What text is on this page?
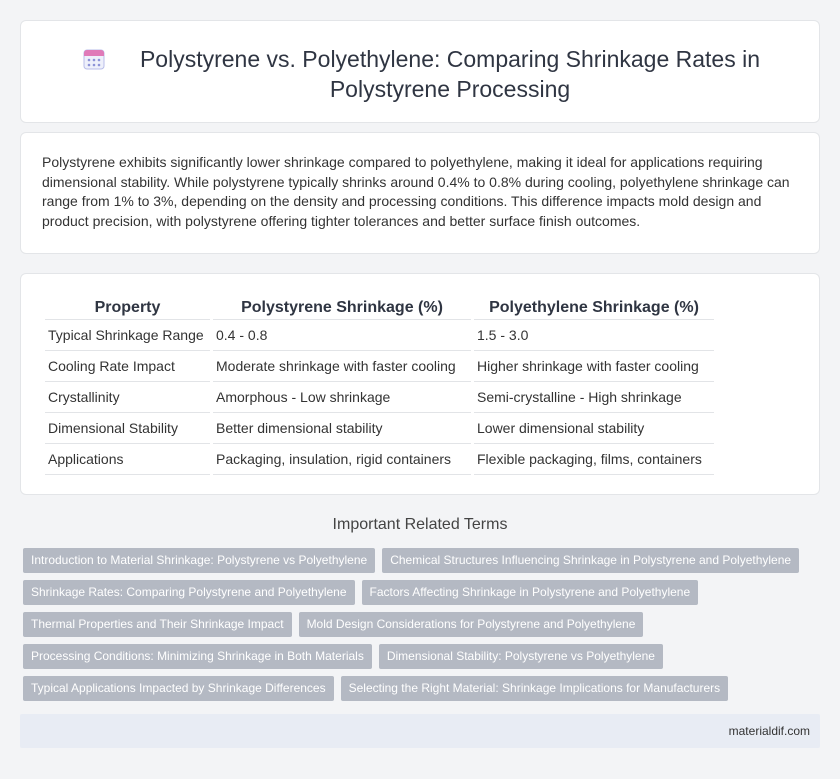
Polystyrene vs. Polyethylene: Comparing Shrinkage Rates in Polystyrene Processing

Polystyrene exhibits significantly lower shrinkage compared to polyethylene, making it ideal for applications requiring dimensional stability. While polystyrene typically shrinks around 0.4% to 0.8% during cooling, polyethylene shrinkage can range from 1% to 3%, depending on the density and processing conditions. This difference impacts mold design and product precision, with polystyrene offering tighter tolerances and better surface finish outcomes.

Property	Polystyrene Shrinkage (%)	Polyethylene Shrinkage (%)
Typical Shrinkage Range	0.4 - 0.8	1.5 - 3.0
Cooling Rate Impact	Moderate shrinkage with faster cooling	Higher shrinkage with faster cooling
Crystallinity	Amorphous - Low shrinkage	Semi-crystalline - High shrinkage
Dimensional Stability	Better dimensional stability	Lower dimensional stability
Applications	Packaging, insulation, rigid containers	Flexible packaging, films, containers
Important Related Terms
Introduction to Material Shrinkage: Polystyrene vs Polyethylene	Chemical Structures Influencing Shrinkage in Polystyrene and Polyethylene
Shrinkage Rates: Comparing Polystyrene and Polyethylene	Factors Affecting Shrinkage in Polystyrene and Polyethylene
Thermal Properties and Their Shrinkage Impact	Mold Design Considerations for Polystyrene and Polyethylene
Processing Conditions: Minimizing Shrinkage in Both Materials	Dimensional Stability: Polystyrene vs Polyethylene
Typical Applications Impacted by Shrinkage Differences	Selecting the Right Material: Shrinkage Implications for Manufacturers
materialdif.com
